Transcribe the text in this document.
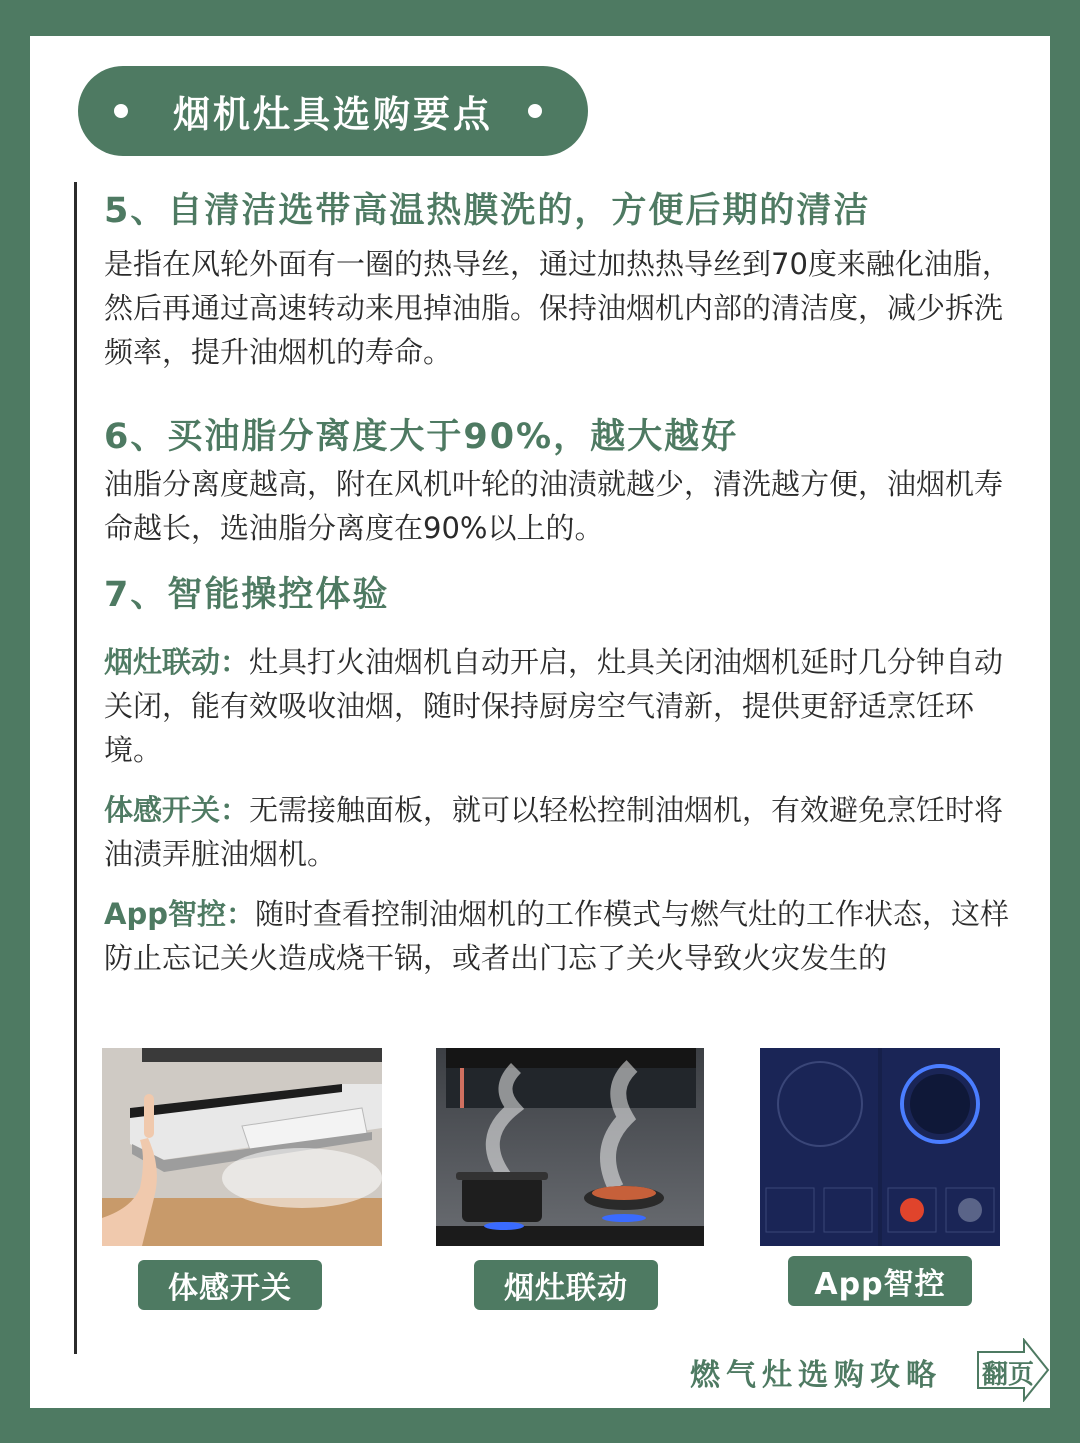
烟机灶具选购要点
5、自清洁选带高温热膜洗的，方便后期的清洁
是指在风轮外面有一圈的热导丝，通过加热热导丝到70度来融化油脂，然后再通过高速转动来甩掉油脂。保持油烟机内部的清洁度，减少拆洗频率，提升油烟机的寿命。
6、买油脂分离度大于90%，越大越好
油脂分离度越高，附在风机叶轮的油渍就越少，清洗越方便，油烟机寿命越长，选油脂分离度在90%以上的。
7、智能操控体验
烟灶联动：灶具打火油烟机自动开启，灶具关闭油烟机延时几分钟自动关闭，能有效吸收油烟，随时保持厨房空气清新，提供更舒适烹饪环境。
体感开关：无需接触面板，就可以轻松控制油烟机，有效避免烹饪时将油渍弄脏油烟机。
App智控：随时查看控制油烟机的工作模式与燃气灶的工作状态，这样防止忘记关火造成烧干锅，或者出门忘了关火导致火灾发生的
体感开关	烟灶联动	App智控
燃气灶选购攻略 翻页
